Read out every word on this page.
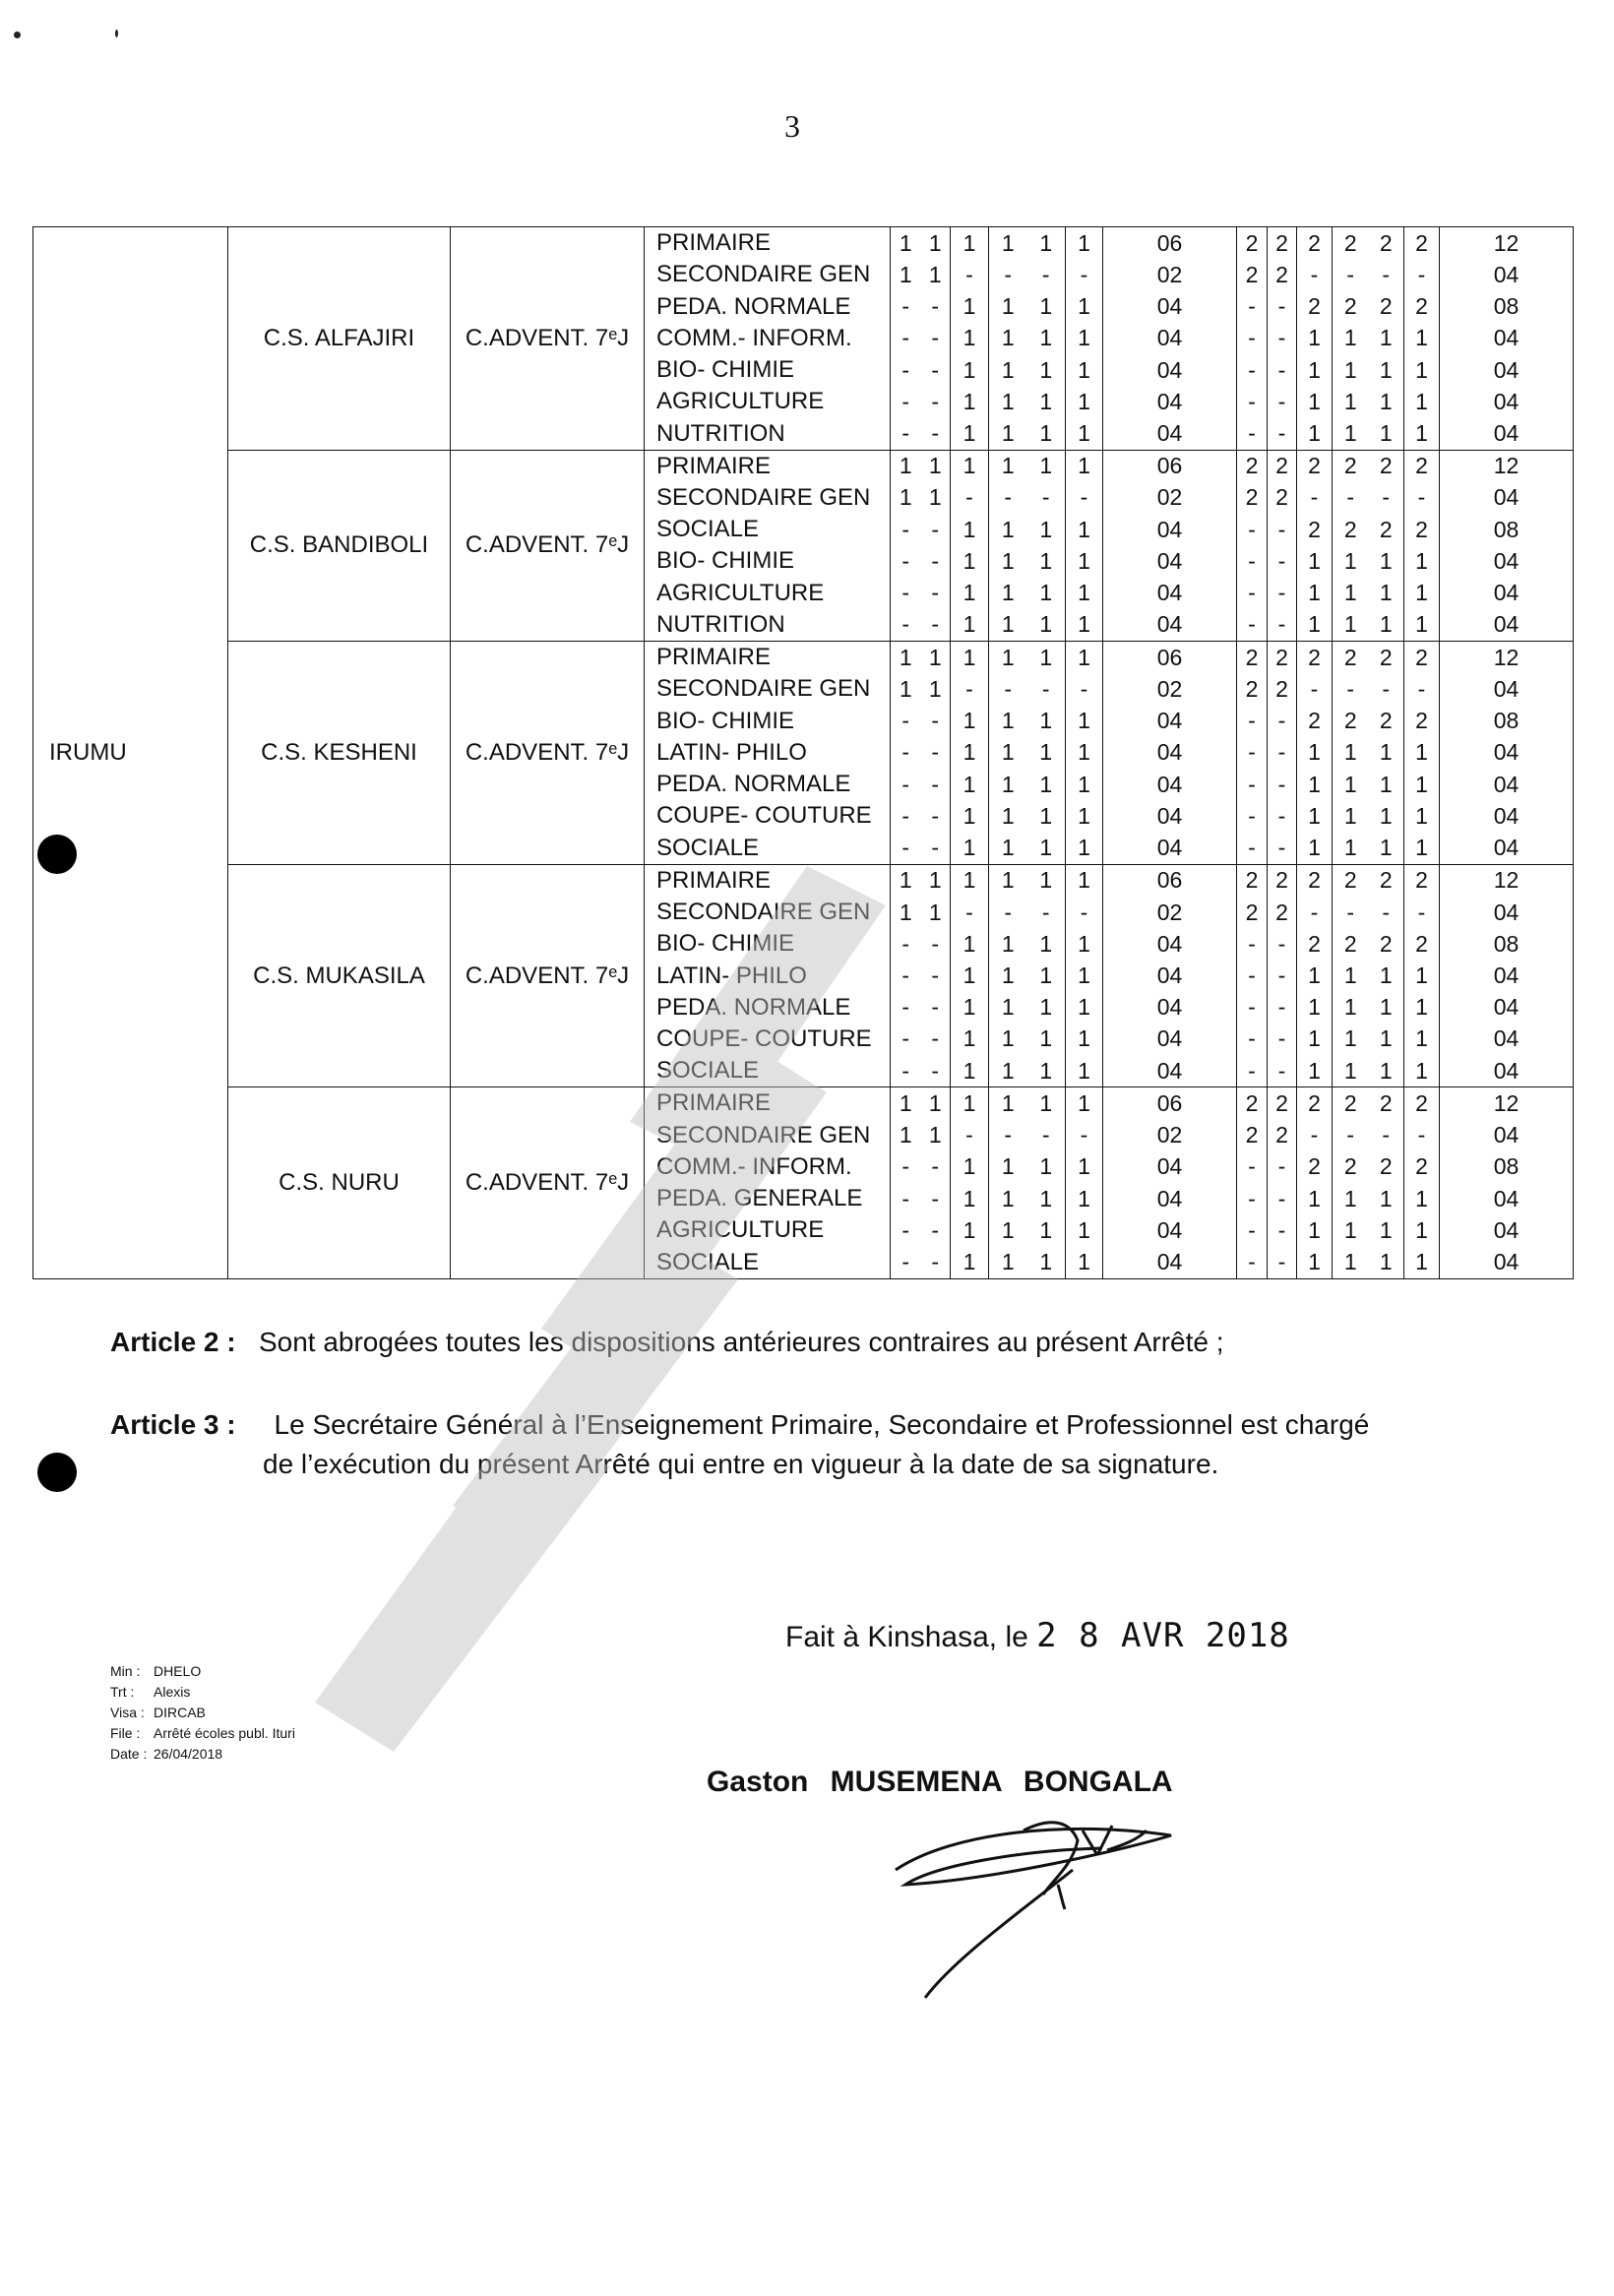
3
IRUMU	C.S. ALFAJIRI	C.ADVENT. 7ᵉJ	PRIMAIRE	1	1	1	1	1	1	06	2	2	2	2	2	2	12
			SECONDAIRE GEN	1	1	-	-	-	-	02	2	2	-	-	-	-	04
			PEDA. NORMALE	-	-	1	1	1	1	04	-	-	2	2	2	2	08
			COMM.- INFORM.	-	-	1	1	1	1	04	-	-	1	1	1	1	04
			BIO- CHIMIE	-	-	1	1	1	1	04	-	-	1	1	1	1	04
			AGRICULTURE	-	-	1	1	1	1	04	-	-	1	1	1	1	04
			NUTRITION	-	-	1	1	1	1	04	-	-	1	1	1	1	04
	C.S. BANDIBOLI	C.ADVENT. 7ᵉJ	PRIMAIRE	1	1	1	1	1	1	06	2	2	2	2	2	2	12
			SECONDAIRE GEN	1	1	-	-	-	-	02	2	2	-	-	-	-	04
			SOCIALE	-	-	1	1	1	1	04	-	-	2	2	2	2	08
			BIO- CHIMIE	-	-	1	1	1	1	04	-	-	1	1	1	1	04
			AGRICULTURE	-	-	1	1	1	1	04	-	-	1	1	1	1	04
			NUTRITION	-	-	1	1	1	1	04	-	-	1	1	1	1	04
	C.S. KESHENI	C.ADVENT. 7ᵉJ	PRIMAIRE	1	1	1	1	1	1	06	2	2	2	2	2	2	12
			SECONDAIRE GEN	1	1	-	-	-	-	02	2	2	-	-	-	-	04
			BIO- CHIMIE	-	-	1	1	1	1	04	-	-	2	2	2	2	08
			LATIN- PHILO	-	-	1	1	1	1	04	-	-	1	1	1	1	04
			PEDA. NORMALE	-	-	1	1	1	1	04	-	-	1	1	1	1	04
			COUPE- COUTURE	-	-	1	1	1	1	04	-	-	1	1	1	1	04
			SOCIALE	-	-	1	1	1	1	04	-	-	1	1	1	1	04
	C.S. MUKASILA	C.ADVENT. 7ᵉJ	PRIMAIRE	1	1	1	1	1	1	06	2	2	2	2	2	2	12
			SECONDAIRE GEN	1	1	-	-	-	-	02	2	2	-	-	-	-	04
			BIO- CHIMIE	-	-	1	1	1	1	04	-	-	2	2	2	2	08
			LATIN- PHILO	-	-	1	1	1	1	04	-	-	1	1	1	1	04
			PEDA. NORMALE	-	-	1	1	1	1	04	-	-	1	1	1	1	04
			COUPE- COUTURE	-	-	1	1	1	1	04	-	-	1	1	1	1	04
			SOCIALE	-	-	1	1	1	1	04	-	-	1	1	1	1	04
	C.S. NURU	C.ADVENT. 7ᵉJ	PRIMAIRE	1	1	1	1	1	1	06	2	2	2	2	2	2	12
			SECONDAIRE GEN	1	1	-	-	-	-	02	2	2	-	-	-	-	04
			COMM.- INFORM.	-	-	1	1	1	1	04	-	-	2	2	2	2	08
			PEDA. GENERALE	-	-	1	1	1	1	04	-	-	1	1	1	1	04
			AGRICULTURE	-	-	1	1	1	1	04	-	-	1	1	1	1	04
			SOCIALE	-	-	1	1	1	1	04	-	-	1	1	1	1	04
Article 2 : Sont abrogées toutes les dispositions antérieures contraires au présent Arrêté ;
Article 3 : Le Secrétaire Général à l’Enseignement Primaire, Secondaire et Professionnel est chargé
de l’exécution du présent Arrêté qui entre en vigueur à la date de sa signature.
Fait à Kinshasa, le 2 8 AVR 2018
Min : DHELO
Trt : Alexis
Visa : DIRCAB
File : Arrêté écoles publ. Ituri
Date : 26/04/2018
Gaston MUSEMENA BONGALA
